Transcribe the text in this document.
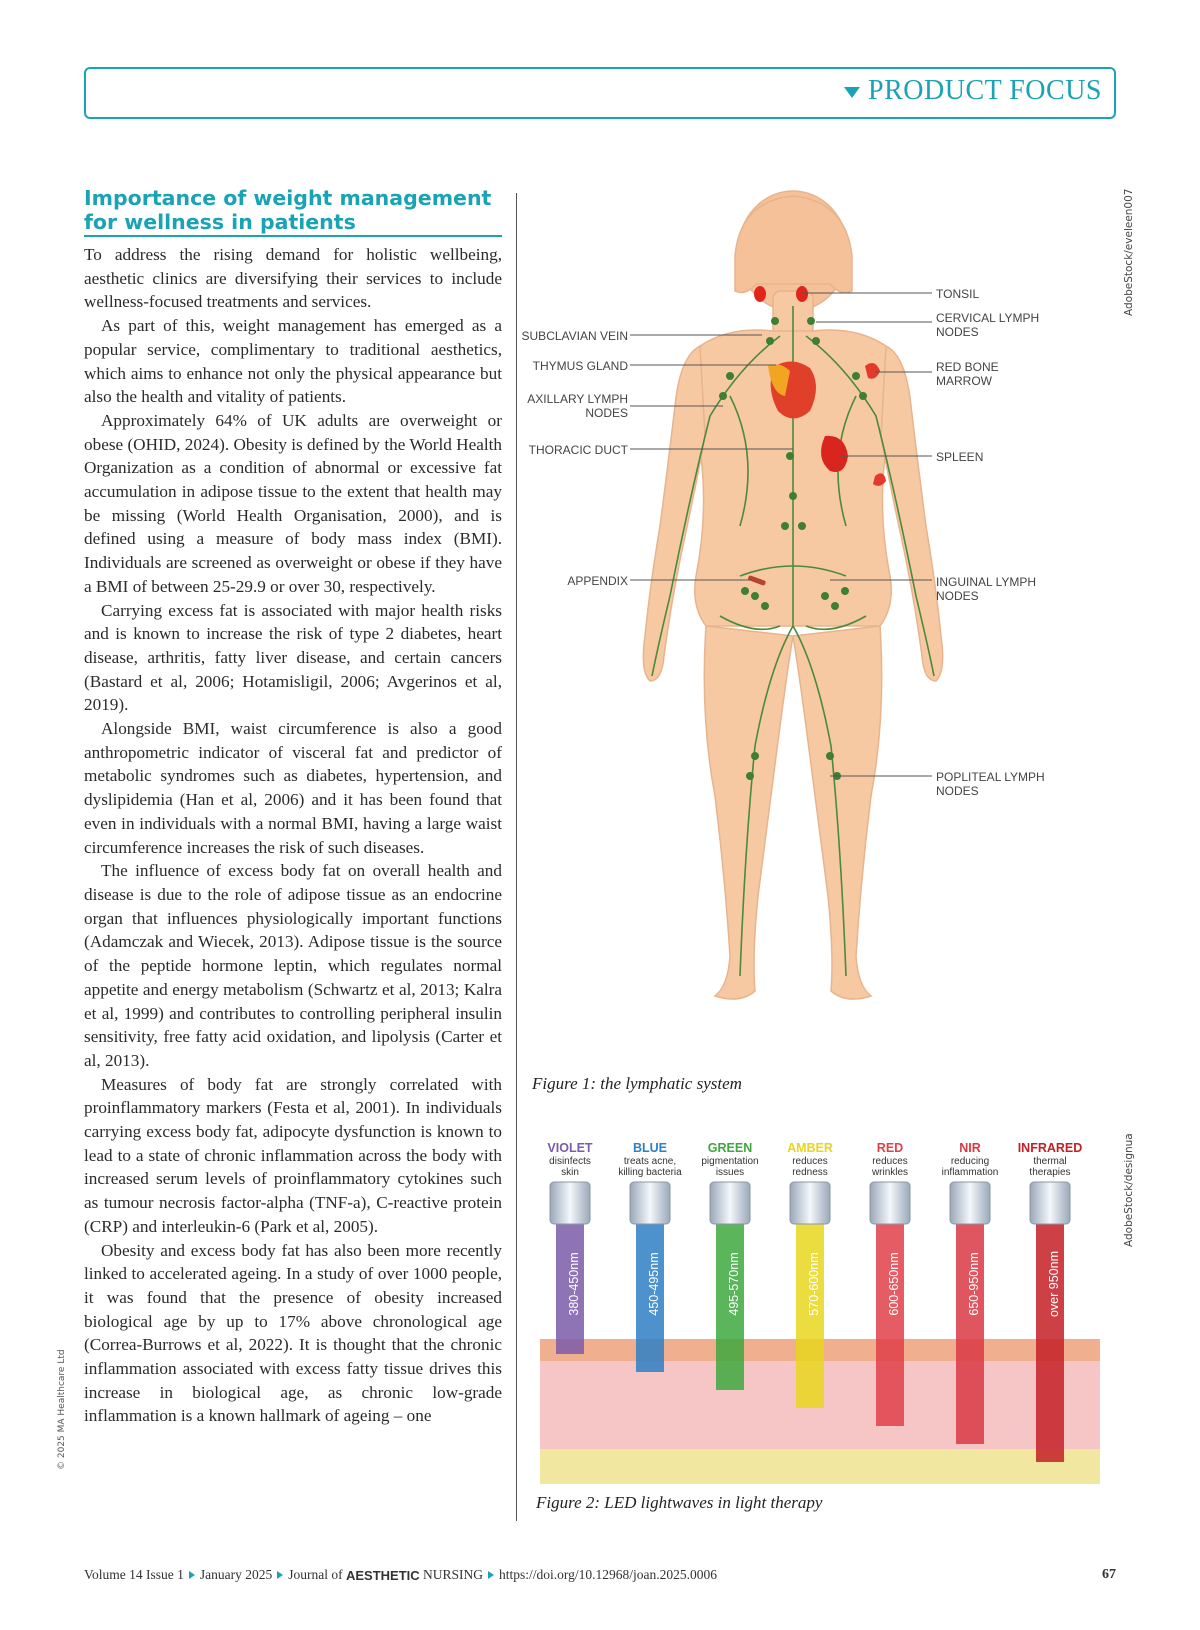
PRODUCT FOCUS
Importance of weight management for wellness in patients

To address the rising demand for holistic wellbeing, aesthetic clinics are diversifying their services to include wellness-focused treatments and services.

As part of this, weight management has emerged as a popular service, complimentary to traditional aesthetics, which aims to enhance not only the physical appearance but also the health and vitality of patients.

Approximately 64% of UK adults are overweight or obese (OHID, 2024). Obesity is defined by the World Health Organization as a condition of abnormal or excessive fat accumulation in adipose tissue to the extent that health may be missing (World Health Organisation, 2000), and is defined using a measure of body mass index (BMI). Individuals are screened as overweight or obese if they have a BMI of between 25-29.9 or over 30, respectively.

Carrying excess fat is associated with major health risks and is known to increase the risk of type 2 diabetes, heart disease, arthritis, fatty liver disease, and certain cancers (Bastard et al, 2006; Hotamisligil, 2006; Avgerinos et al, 2019).

Alongside BMI, waist circumference is also a good anthropometric indicator of visceral fat and predictor of metabolic syndromes such as diabetes, hypertension, and dyslipidemia (Han et al, 2006) and it has been found that even in individuals with a normal BMI, having a large waist circumference increases the risk of such diseases.

The influence of excess body fat on overall health and disease is due to the role of adipose tissue as an endocrine organ that influences physiologically important functions (Adamczak and Wiecek, 2013). Adipose tissue is the source of the peptide hormone leptin, which regulates normal appetite and energy metabolism (Schwartz et al, 2013; Kalra et al, 1999) and contributes to controlling peripheral insulin sensitivity, free fatty acid oxidation, and lipolysis (Carter et al, 2013).

Measures of body fat are strongly correlated with proinflammatory markers (Festa et al, 2001). In individuals carrying excess body fat, adipocyte dysfunction is known to lead to a state of chronic inflammation across the body with increased serum levels of proinflammatory cytokines such as tumour necrosis factor-alpha (TNF-a), C-reactive protein (CRP) and interleukin-6 (Park et al, 2005).

Obesity and excess body fat has also been more recently linked to accelerated ageing. In a study of over 1000 people, it was found that the presence of obesity increased biological age by up to 17% above chronological age (Correa-Burrows et al, 2022). It is thought that the chronic inflammation associated with excess fatty tissue drives this increase in biological age, as chronic low-grade inflammation is a known hallmark of ageing – one

© 2025 MA Healthcare Ltd
AdobeStock/eveleen007
SUBCLAVIAN VEIN
THYMUS GLAND
AXILLARY LYMPH
NODES
THORACIC DUCT
APPENDIX
TONSIL
CERVICAL LYMPH
NODES
RED BONE
MARROW
SPLEEN
INGUINAL LYMPH
NODES
POPLITEAL LYMPH
NODES
Figure 1: the lymphatic system
AdobeStock/designua
VIOLET
disinfects
skin
380-450nm
BLUE
treats acne,
killing bacteria
450-495nm
GREEN
pigmentation
issues
495-570nm
AMBER
reduces
redness
570-600nm
RED
reduces
wrinkles
600-650nm
NIR
reducing
inflammation
650-950nm
INFRARED
thermal
therapies
over 950nm
Figure 2: LED lightwaves in light therapy
Volume 14 Issue 1 January 2025 Journal of
AESTHETIC
NURSING https://doi.org/10.12968/joan.2025.0006	67
